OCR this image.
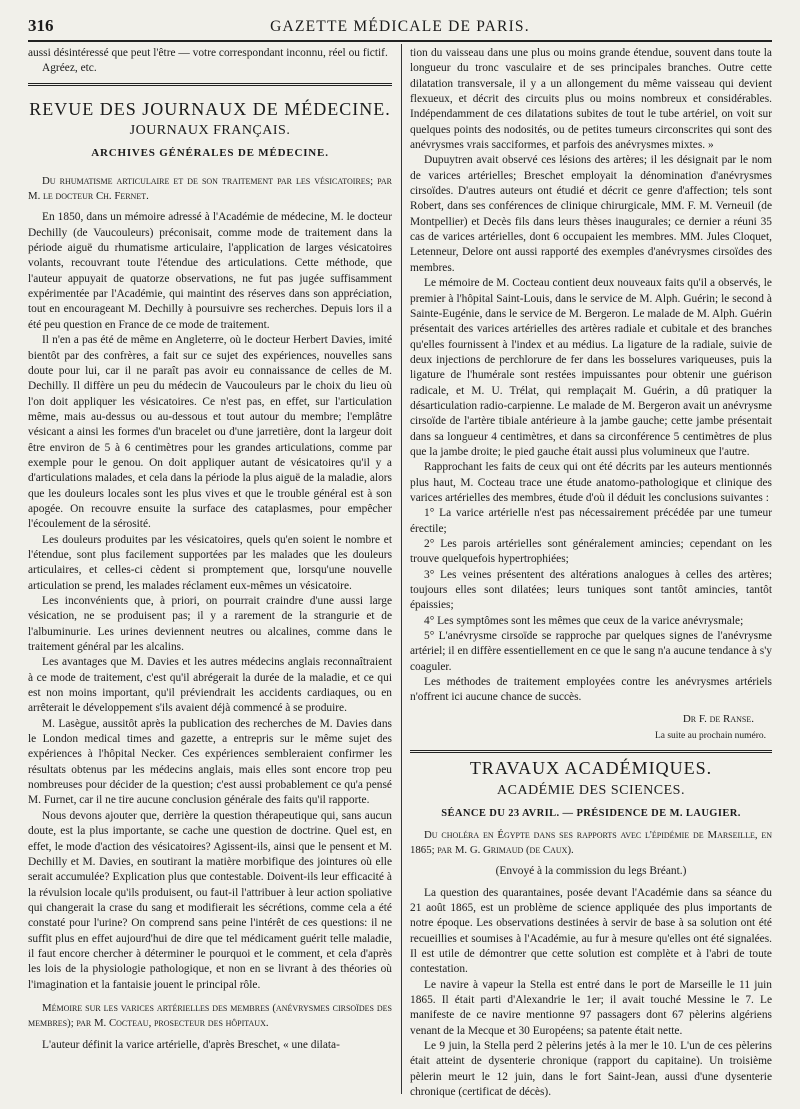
316	GAZETTE MÉDICALE DE PARIS.

aussi désintéressé que peut l'être — votre correspondant inconnu, réel ou fictif.

Agréez, etc.

REVUE DES JOURNAUX DE MÉDECINE.
JOURNAUX FRANÇAIS.
ARCHIVES GÉNÉRALES DE MÉDECINE.

Du rhumatisme articulaire et de son traitement par les vésicatoires; par M. le docteur Ch. Fernet.

En 1850, dans un mémoire adressé à l'Académie de médecine, M. le docteur Dechilly (de Vaucouleurs) préconisait, comme mode de traitement dans la période aiguë du rhumatisme articulaire, l'application de larges vésicatoires volants, recouvrant toute l'étendue des articulations. Cette méthode, que l'auteur appuyait de quatorze observations, ne fut pas jugée suffisamment expérimentée par l'Académie, qui maintint des réserves dans son appréciation, tout en encourageant M. Dechilly à poursuivre ses recherches. Depuis lors il a été peu question en France de ce mode de traitement.

Il n'en a pas été de même en Angleterre, où le docteur Herbert Davies, imité bientôt par des confrères, a fait sur ce sujet des expériences, nouvelles sans doute pour lui, car il ne paraît pas avoir eu connaissance de celles de M. Dechilly. Il diffère un peu du médecin de Vaucouleurs par le choix du lieu où l'on doit appliquer les vésicatoires. Ce n'est pas, en effet, sur l'articulation même, mais au-dessus ou au-dessous et tout autour du membre; l'emplâtre vésicant a ainsi les formes d'un bracelet ou d'une jarretière, dont la largeur doit être environ de 5 à 6 centimètres pour les grandes articulations, comme par exemple pour le genou. On doit appliquer autant de vésicatoires qu'il y a d'articulations malades, et cela dans la période la plus aiguë de la maladie, alors que les douleurs locales sont les plus vives et que le trouble général est à son apogée. On recouvre ensuite la surface des cataplasmes, pour empêcher l'écoulement de la sérosité.

Les douleurs produites par les vésicatoires, quels qu'en soient le nombre et l'étendue, sont plus facilement supportées par les malades que les douleurs articulaires, et celles-ci cèdent si promptement que, lorsqu'une nouvelle articulation se prend, les malades réclament eux-mêmes un vésicatoire.

Les inconvénients que, à priori, on pourrait craindre d'une aussi large vésication, ne se produisent pas; il y a rarement de la strangurie et de l'albuminurie. Les urines deviennent neutres ou alcalines, comme dans le traitement général par les alcalins.

Les avantages que M. Davies et les autres médecins anglais reconnaîtraient à ce mode de traitement, c'est qu'il abrégerait la durée de la maladie, et ce qui est non moins important, qu'il préviendrait les accidents cardiaques, ou en arrêterait le développement s'ils avaient déjà commencé à se produire.

M. Lasègue, aussitôt après la publication des recherches de M. Davies dans le London medical times and gazette, a entrepris sur le même sujet des expériences à l'hôpital Necker. Ces expériences sembleraient confirmer les résultats obtenus par les médecins anglais, mais elles sont encore trop peu nombreuses pour décider de la question; c'est aussi probablement ce qu'a pensé M. Furnet, car il ne tire aucune conclusion générale des faits qu'il rapporte.

Nous devons ajouter que, derrière la question thérapeutique qui, sans aucun doute, est la plus importante, se cache une question de doctrine. Quel est, en effet, le mode d'action des vésicatoires? Agissent-ils, ainsi que le pensent et M. Dechilly et M. Davies, en soutirant la matière morbifique des jointures où elle serait accumulée? Explication plus que contestable. Doivent-ils leur efficacité à la révulsion locale qu'ils produisent, ou faut-il l'attribuer à leur action spoliative qui changerait la crase du sang et modifierait les sécrétions, comme cela a été constaté pour l'urine? On comprend sans peine l'intérêt de ces questions: il ne suffit plus en effet aujourd'hui de dire que tel médicament guérit telle maladie, il faut encore chercher à déterminer le pourquoi et le comment, et cela d'après les lois de la physiologie pathologique, et non en se livrant à des théories où l'imagination et la fantaisie jouent le principal rôle.

Mémoire sur les varices artérielles des membres (anévrysmes cirsoïdes des membres); par M. Cocteau, prosecteur des hôpitaux.

L'auteur définit la varice artérielle, d'après Breschet, « une dilata-

tion du vaisseau dans une plus ou moins grande étendue, souvent dans toute la longueur du tronc vasculaire et de ses principales branches. Outre cette dilatation transversale, il y a un allongement du même vaisseau qui devient flexueux, et décrit des circuits plus ou moins nombreux et considérables. Indépendamment de ces dilatations subites de tout le tube artériel, on voit sur quelques points des nodosités, ou de petites tumeurs circonscrites qui sont des anévrysmes vrais sacciformes, et parfois des anévrysmes mixtes. »

Dupuytren avait observé ces lésions des artères; il les désignait par le nom de varices artérielles; Breschet employait la dénomination d'anévrysmes cirsoïdes. D'autres auteurs ont étudié et décrit ce genre d'affection; tels sont Robert, dans ses conférences de clinique chirurgicale, MM. F. M. Verneuil (de Montpellier) et Decès fils dans leurs thèses inaugurales; ce dernier a réuni 35 cas de varices artérielles, dont 6 occupaient les membres. MM. Jules Cloquet, Letenneur, Delore ont aussi rapporté des exemples d'anévrysmes cirsoïdes des membres.

Le mémoire de M. Cocteau contient deux nouveaux faits qu'il a observés, le premier à l'hôpital Saint-Louis, dans le service de M. Alph. Guérin; le second à Sainte-Eugénie, dans le service de M. Bergeron. Le malade de M. Alph. Guérin présentait des varices artérielles des artères radiale et cubitale et des branches qu'elles fournissent à l'index et au médius. La ligature de la radiale, suivie de deux injections de perchlorure de fer dans les bosselures variqueuses, puis la ligature de l'humérale sont restées impuissantes pour obtenir une guérison radicale, et M. U. Trélat, qui remplaçait M. Guérin, a dû pratiquer la désarticulation radio-carpienne. Le malade de M. Bergeron avait un anévrysme cirsoïde de l'artère tibiale antérieure à la jambe gauche; cette jambe présentait dans sa longueur 4 centimètres, et dans sa circonférence 5 centimètres de plus que la jambe droite; le pied gauche était aussi plus volumineux que l'autre.

Rapprochant les faits de ceux qui ont été décrits par les auteurs mentionnés plus haut, M. Cocteau trace une étude anatomo-pathologique et clinique des varices artérielles des membres, étude d'où il déduit les conclusions suivantes :

1° La varice artérielle n'est pas nécessairement précédée par une tumeur érectile;

2° Les parois artérielles sont généralement amincies; cependant on les trouve quelquefois hypertrophiées;

3° Les veines présentent des altérations analogues à celles des artères; toujours elles sont dilatées; leurs tuniques sont tantôt amincies, tantôt épaissies;

4° Les symptômes sont les mêmes que ceux de la varice anévrysmale;

5° L'anévrysme cirsoïde se rapproche par quelques signes de l'anévrysme artériel; il en diffère essentiellement en ce que le sang n'a aucune tendance à s'y coaguler.

Les méthodes de traitement employées contre les anévrysmes artériels n'offrent ici aucune chance de succès.

Dr F. de Ranse.
La suite au prochain numéro.
TRAVAUX ACADÉMIQUES.
ACADÉMIE DES SCIENCES.
SÉANCE DU 23 AVRIL. — PRÉSIDENCE DE M. LAUGIER.

Du choléra en Égypte dans ses rapports avec l'épidémie de Marseille, en 1865; par M. G. Grimaud (de Caux).

(Envoyé à la commission du legs Bréant.)

La question des quarantaines, posée devant l'Académie dans sa séance du 21 août 1865, est un problème de science appliquée des plus importants de notre époque. Les observations destinées à servir de base à sa solution ont été recueillies et soumises à l'Académie, au fur à mesure qu'elles ont été signalées. Il est utile de démontrer que cette solution est complète et à l'abri de toute contestation.

Le navire à vapeur la Stella est entré dans le port de Marseille le 11 juin 1865. Il était parti d'Alexandrie le 1er; il avait touché Messine le 7. Le manifeste de ce navire mentionne 97 passagers dont 67 pèlerins algériens venant de la Mecque et 30 Européens; sa patente était nette.

Le 9 juin, la Stella perd 2 pèlerins jetés à la mer le 10. L'un de ces pèlerins était atteint de dysenterie chronique (rapport du capitaine). Un troisième pèlerin meurt le 12 juin, dans le fort Saint-Jean, aussi d'une dysenterie chronique (certificat de décès).
